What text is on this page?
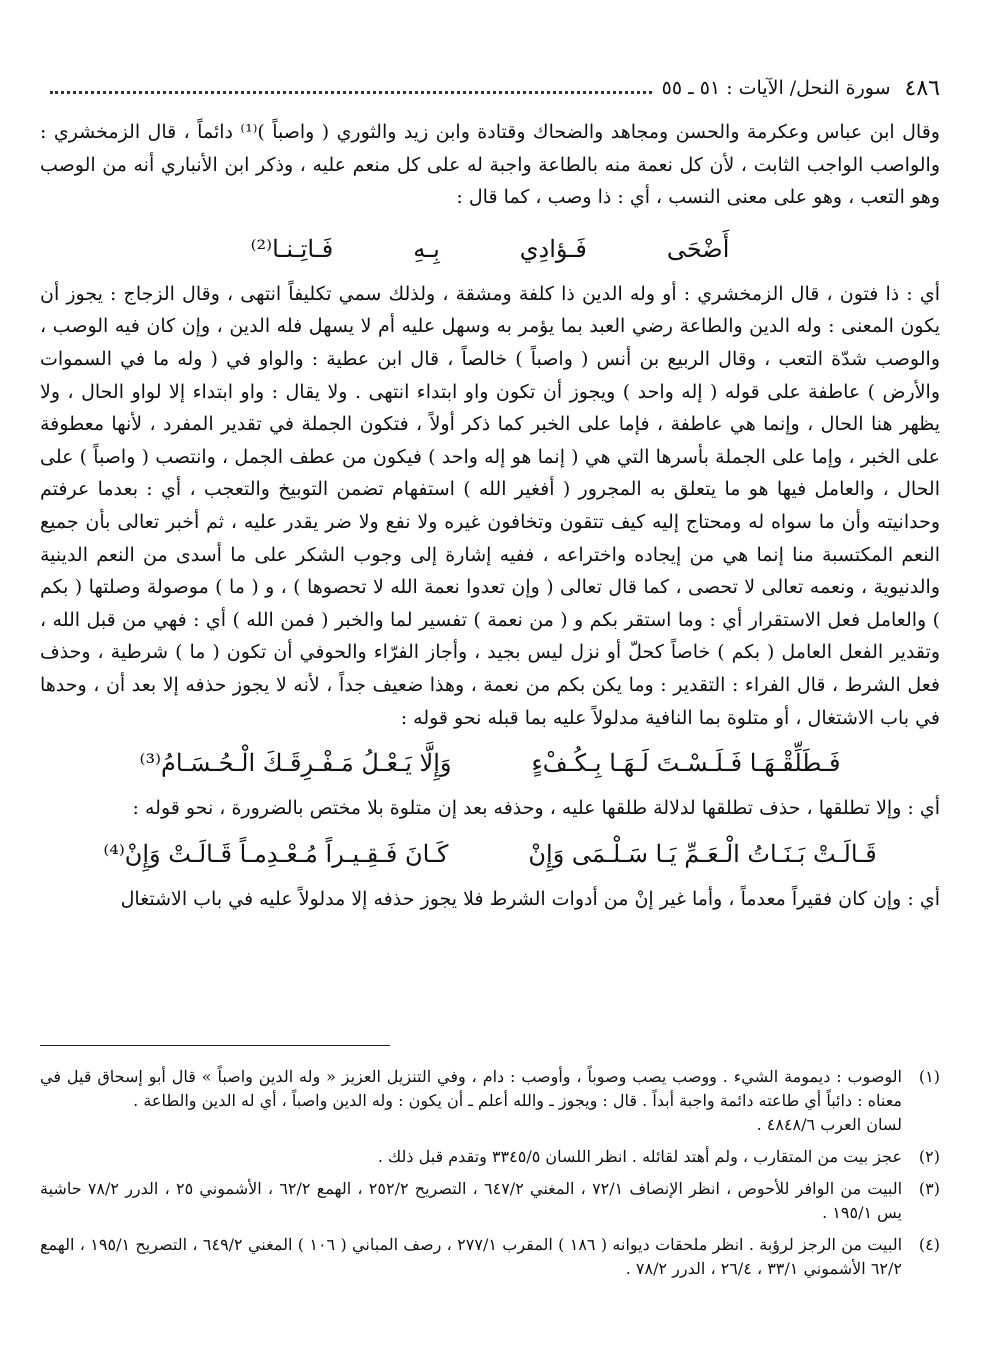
٤٨٦
سورة النحل/ الآيات : ٥١ ـ ٥٥

وقال ابن عباس وعكرمة والحسن ومجاهد والضحاك وقتادة وابن زيد والثوري ( واصباً )⁽¹⁾ دائماً ، قال الزمخشري : والواصب الواجب الثابت ، لأن كل نعمة منه بالطاعة واجبة له على كل منعم عليه ، وذكر ابن الأنباري أنه من الوصب وهو التعب ، وهو على معنى النسب ، أي : ذا وصب ، كما قال :

أَضْحَى
فَـؤادِي
بِـهِ
فَـاتِـنـا⁽²⁾

أي : ذا فتون ، قال الزمخشري : أو وله الدين ذا كلفة ومشقة ، ولذلك سمي تكليفاً انتهى ، وقال الزجاج : يجوز أن يكون المعنى : وله الدين والطاعة رضي العبد بما يؤمر به وسهل عليه أم لا يسهل فله الدين ، وإن كان فيه الوصب ، والوصب شدّة التعب ، وقال الربيع بن أنس ( واصباً ) خالصاً ، قال ابن عطية : والواو في ( وله ما في السموات والأرض ) عاطفة على قوله ( إله واحد ) ويجوز أن تكون واو ابتداء انتهى . ولا يقال : واو ابتداء إلا لواو الحال ، ولا يظهر هنا الحال ، وإنما هي عاطفة ، فإما على الخبر كما ذكر أولاً ، فتكون الجملة في تقدير المفرد ، لأنها معطوفة على الخبر ، وإما على الجملة بأسرها التي هي ( إنما هو إله واحد ) فيكون من عطف الجمل ، وانتصب ( واصباً ) على الحال ، والعامل فيها هو ما يتعلق به المجرور ( أفغير الله ) استفهام تضمن التوبيخ والتعجب ، أي : بعدما عرفتم وحدانيته وأن ما سواه له ومحتاج إليه كيف تتقون وتخافون غيره ولا نفع ولا ضر يقدر عليه ، ثم أخبر تعالى بأن جميع النعم المكتسبة منا إنما هي من إيجاده واختراعه ، ففيه إشارة إلى وجوب الشكر على ما أسدى من النعم الدينية والدنيوية ، ونعمه تعالى لا تحصى ، كما قال تعالى ( وإن تعدوا نعمة الله لا تحصوها ) ، و ( ما ) موصولة وصلتها ( بكم ) والعامل فعل الاستقرار أي : وما استقر بكم و ( من نعمة ) تفسير لما والخبر ( فمن الله ) أي : فهي من قبل الله ، وتقدير الفعل العامل ( بكم ) خاصاً كحلّ أو نزل ليس بجيد ، وأجاز الفرّاء والحوفي أن تكون ( ما ) شرطية ، وحذف فعل الشرط ، قال الفراء : التقدير : وما يكن بكم من نعمة ، وهذا ضعيف جداً ، لأنه لا يجوز حذفه إلا بعد أن ، وحدها في باب الاشتغال ، أو متلوة بما النافية مدلولاً عليه بما قبله نحو قوله :

فَـطَلِّقْـهَـا فَـلَـسْـتَ لَـهَـا بِـكُـفْءٍ
وَإِلَّا يَـعْـلُ مَـفْـرِقَـكَ الْـحُـسَـامُ⁽³⁾

أي : وإلا تطلقها ، حذف تطلقها لدلالة طلقها عليه ، وحذفه بعد إن متلوة بلا مختص بالضرورة ، نحو قوله :

قَـالَـتْ بَـنَـاتُ الْـعَـمِّ يَـا سَـلْـمَى وَإِنْ
كَـانَ فَـقِـيـراً مُـعْـدِمـاً قَـالَـتْ وَإِنْ⁽⁴⁾

أي : وإن كان فقيراً معدماً ، وأما غير إنْ من أدوات الشرط فلا يجوز حذفه إلا مدلولاً عليه في باب الاشتغال

(١)
الوصوب : ديمومة الشيء . ووصب يصب وصوباً ، وأوصب : دام ، وفي التنزيل العزيز « وله الدين واصباً » قال أبو إسحاق قيل في معناه : دائباً أي طاعته دائمة واجبة أبداً . قال : ويجوز ـ والله أعلم ـ أن يكون : وله الدين واصباً ، أي له الدين والطاعة .
لسان العرب ٤٨٤٨/٦ .
(٢)
عجز بيت من المتقارب ، ولم أهتد لقائله . انظر اللسان ٣٣٤٥/٥ وتقدم قبل ذلك .
(٣)
البيت من الوافر للأحوص ، انظر الإنصاف ٧٢/١ ، المغني ٦٤٧/٢ ، التصريح ٢٥٢/٢ ، الهمع ٦٢/٢ ، الأشموني ٢٥ ، الدرر ٧٨/٢ حاشية يس ١٩٥/١ .
(٤)
البيت من الرجز لرؤبة . انظر ملحقات ديوانه ( ١٨٦ ) المقرب ٢٧٧/١ ، رصف المباني ( ١٠٦ ) المغني ٦٤٩/٢ ، التصريح ١٩٥/١ ، الهمع ٦٢/٢ الأشموني ٣٣/١ ، ٢٦/٤ ، الدرر ٧٨/٢ .
